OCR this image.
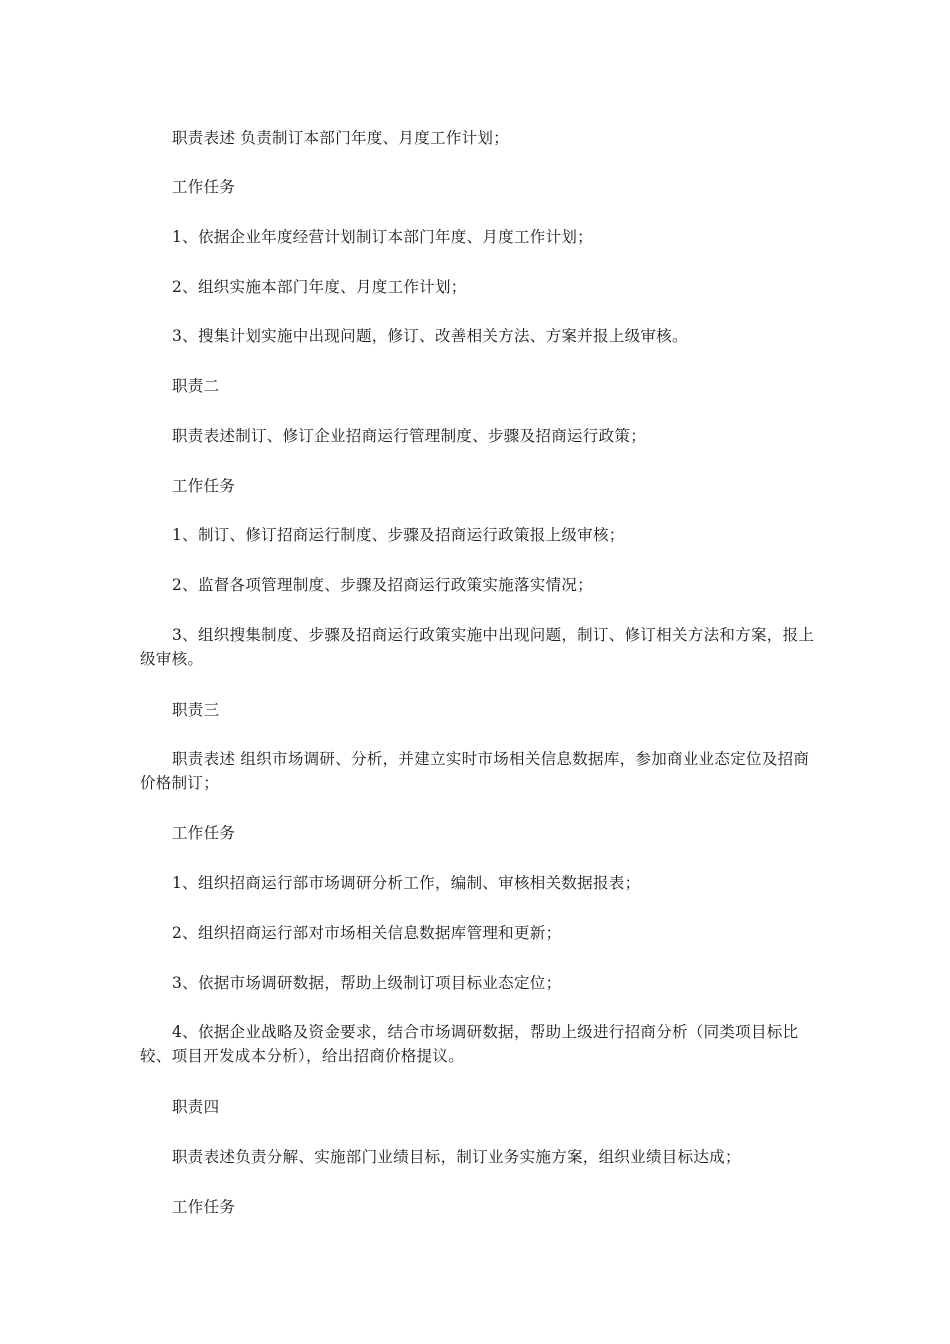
职责表述 负责制订本部门年度、月度工作计划；

工作任务

1、依据企业年度经营计划制订本部门年度、月度工作计划；

2、组织实施本部门年度、月度工作计划；

3、搜集计划实施中出现问题，修订、改善相关方法、方案并报上级审核。

职责二

职责表述制订、修订企业招商运行管理制度、步骤及招商运行政策；

工作任务

1、制订、修订招商运行制度、步骤及招商运行政策报上级审核；

2、监督各项管理制度、步骤及招商运行政策实施落实情况；

3、组织搜集制度、步骤及招商运行政策实施中出现问题，制订、修订相关方法和方案，报上级审核。

职责三

职责表述 组织市场调研、分析，并建立实时市场相关信息数据库，参加商业业态定位及招商价格制订；

工作任务

1、组织招商运行部市场调研分析工作，编制、审核相关数据报表；

2、组织招商运行部对市场相关信息数据库管理和更新；

3、依据市场调研数据，帮助上级制订项目标业态定位；

4、依据企业战略及资金要求，结合市场调研数据，帮助上级进行招商分析（同类项目标比较、项目开发成本分析），给出招商价格提议。

职责四

职责表述负责分解、实施部门业绩目标，制订业务实施方案，组织业绩目标达成；

工作任务
